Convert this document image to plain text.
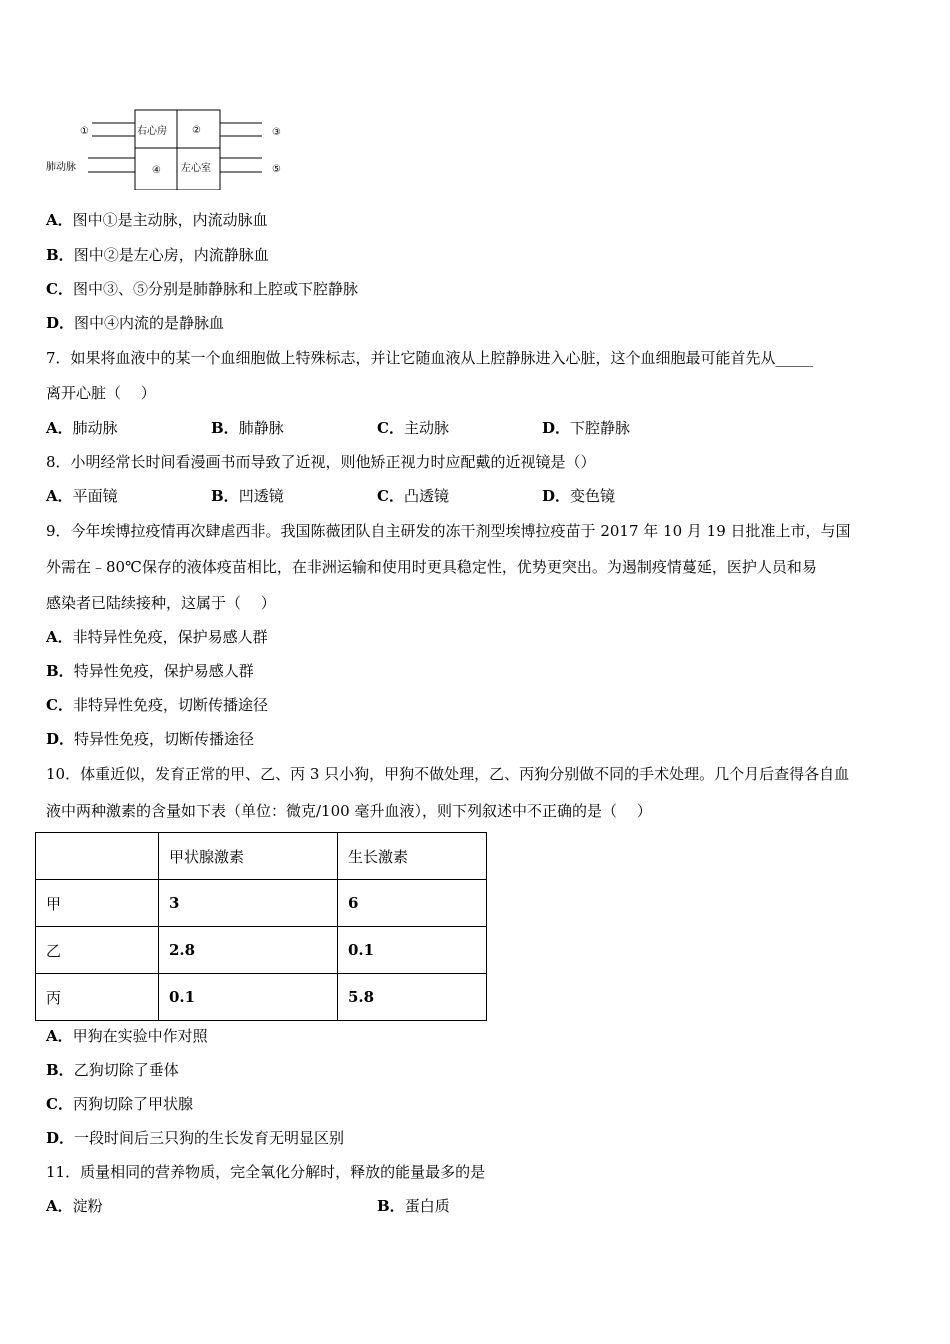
①	右心房	②	③
肺动脉	④ 左心室	⑤
A．图中①是主动脉，内流动脉血
B．图中②是左心房，内流静脉血
C．图中③、⑤分别是肺静脉和上腔或下腔静脉
D．图中④内流的是静脉血
7．如果将血液中的某一个血细胞做上特殊标志，并让它随血液从上腔静脉进入心脏，这个血细胞最可能首先从_____
离开心脏（　 ）
A．肺动脉	B．肺静脉	C．主动脉	D．下腔静脉
8．小明经常长时间看漫画书而导致了近视，则他矫正视力时应配戴的近视镜是（）
A．平面镜	B．凹透镜	C．凸透镜	D．变色镜
9．今年埃博拉疫情再次肆虐西非。我国陈薇团队自主研发的冻干剂型埃博拉疫苗于 2017 年 10 月 19 日批准上市，与国
外需在﹣80℃保存的液体疫苗相比，在非洲运输和使用时更具稳定性，优势更突出。为遏制疫情蔓延，医护人员和易
感染者已陆续接种，这属于（　 ）
A．非特异性免疫，保护易感人群
B．特异性免疫，保护易感人群
C．非特异性免疫，切断传播途径
D．特异性免疫，切断传播途径
10．体重近似，发育正常的甲、乙、丙 3 只小狗，甲狗不做处理，乙、丙狗分别做不同的手术处理。几个月后查得各自血
液中两种激素的含量如下表（单位：微克/100 毫升血液），则下列叙述中不正确的是（　 ）
	甲状腺激素	生长激素
甲	3	6
乙	2.8	0.1
丙	0.1	5.8
A．甲狗在实验中作对照
B．乙狗切除了垂体
C．丙狗切除了甲状腺
D．一段时间后三只狗的生长发育无明显区别
11．质量相同的营养物质，完全氧化分解时，释放的能量最多的是
A．淀粉	B．蛋白质
